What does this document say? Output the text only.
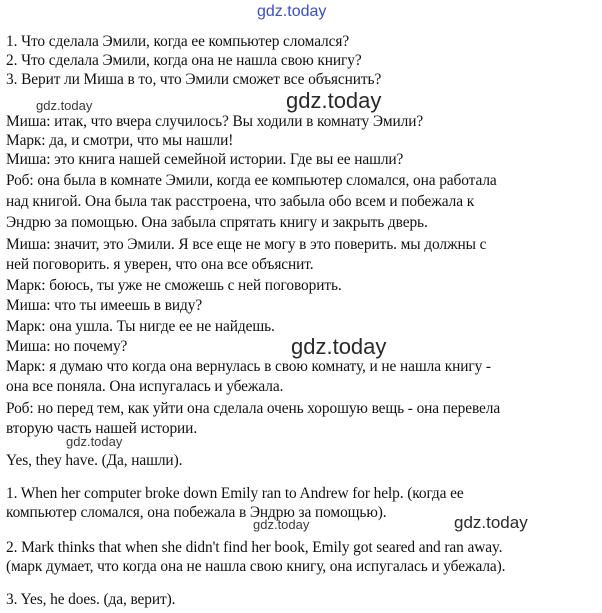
gdz.today
1. Что сделала Эмили, когда ее компьютер сломался?
2. Что сделала Эмили, когда она не нашла свою книгу?
3. Верит ли Миша в то, что Эмили сможет все объяснить?
Миша: итак, что вчера случилось? Вы ходили в комнату Эмили?
Марк: да, и смотри, что мы нашли!
Миша: это книга нашей семейной истории. Где вы ее нашли?
Роб: она была в комнате Эмили, когда ее компьютер сломался, она работала
над книгой. Она была так расстроена, что забыла обо всем и побежала к
Эндрю за помощью. Она забыла спрятать книгу и закрыть дверь.
Миша: значит, это Эмили. Я все еще не могу в это поверить. мы должны с
ней поговорить. я уверен, что она все объяснит.
Марк: боюсь, ты уже не сможешь с ней поговорить.
Миша: что ты имеешь в виду?
Марк: она ушла. Ты нигде ее не найдешь.
Миша: но почему?
Марк: я думаю что когда она вернулась в свою комнату, и не нашла книгу -
она все поняла. Она испугалась и убежала.
Роб: но перед тем, как уйти она сделала очень хорошую вещь - она перевела
вторую часть нашей истории.
Yes, they have. (Да, нашли).
1. When her computer broke down Emily ran to Andrew for help. (когда ее
компьютер сломался, она побежала в Эндрю за помощью).
2. Mark thinks that when she didn't find her book, Emily got seared and ran away.
(марк думает, что когда она не нашла свою книгу, она испугалась и убежала).
3. Yes, he does. (да, верит).
gdz.today	gdz.today
gdz.today
gdz.today
gdz.today	gdz.today
